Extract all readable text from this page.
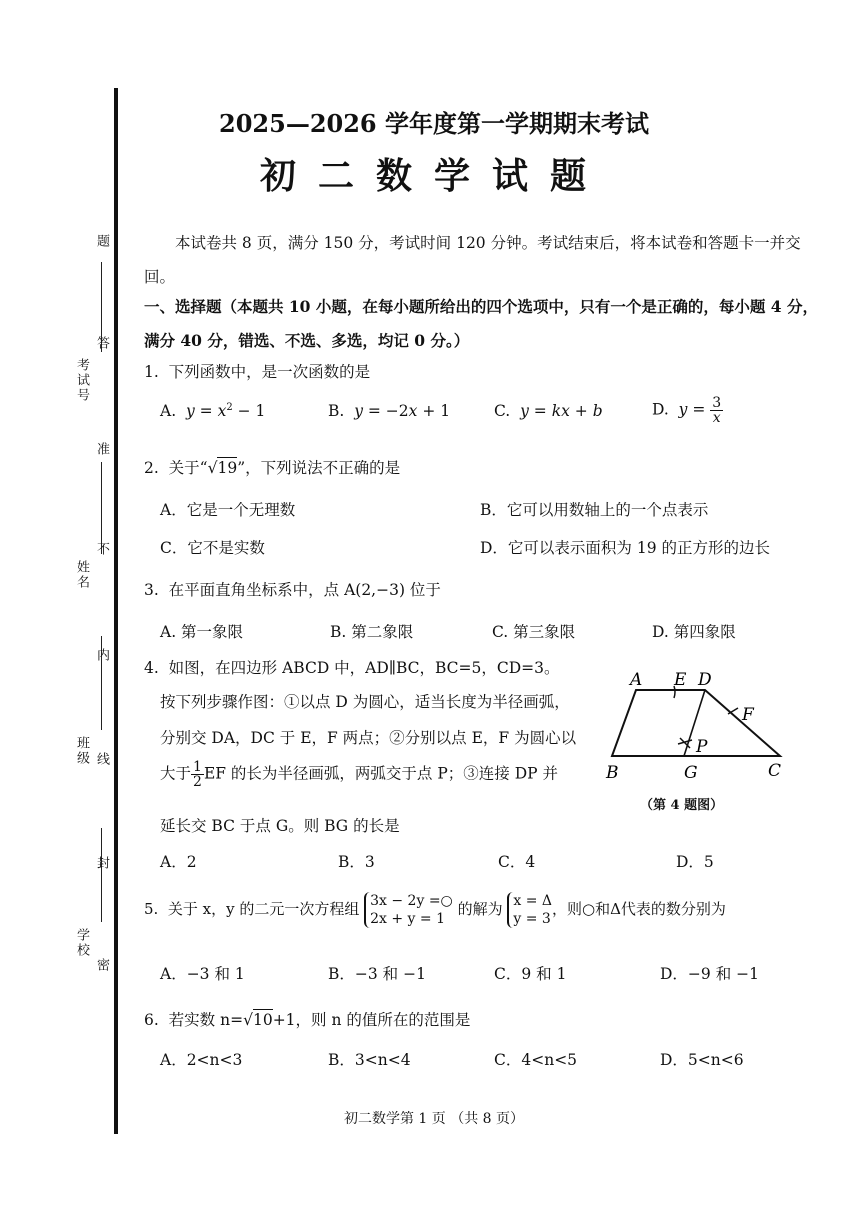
考试号
姓名
班级
学校
题
答
准
不
内
线
封
密
2025—2026 学年度第一学期期末考试
初二数学试题
本试卷共 8 页，满分 150 分，考试时间 120 分钟。考试结束后，将本试卷和答题卡一并交回。
一、选择题（本题共 10 小题，在每小题所给出的四个选项中，只有一个是正确的，每小题 4 分，满分 40 分，错选、不选、多选，均记 0 分。）
1. 下列函数中，是一次函数的是
A. $y = x^2 - 1$	B. y = −2x + 1	C. y = kx + b	D. $y = \frac{3}{x}$
2. 关于“√19”，下列说法不正确的是
A．它是一个无理数	B．它可以用数轴上的一个点表示
C．它不是实数	D．它可以表示面积为 19 的正方形的边长
3. 在平面直角坐标系中，点 A(2,−3) 位于
A. 第一象限	B. 第二象限	C. 第三象限	D. 第四象限
4. 如图，在四边形 ABCD 中，AD∥BC，BC=5，CD=3。
按下列步骤作图：①以点 D 为圆心，适当长度为半径画弧，
分别交 DA，DC 于 E，F 两点；②分别以点 E，F 为圆心以
大于 $\frac{1}{2}$ EF 的长为半径画弧，两弧交于点 P；③连接 DP 并
延长交 BC 于点 G。则 BG 的长是
A．2	B．3	C．4	D．5
A E D
F
P
B	G	C
（第 4 题图）
5. 关于 x，y 的二元一次方程组 3x − 2y =○
2x + y = 1 的解为 x = Δ
y = 3，则○和Δ代表的数分别为
A．−3 和 1	B．−3 和 −1	C．9 和 1	D．−9 和 −1
6. 若实数 n=√10+1，则 n 的值所在的范围是
A．2<n<3	B．3<n<4	C．4<n<5	D．5<n<6
初二数学第 1 页 （共 8 页）
